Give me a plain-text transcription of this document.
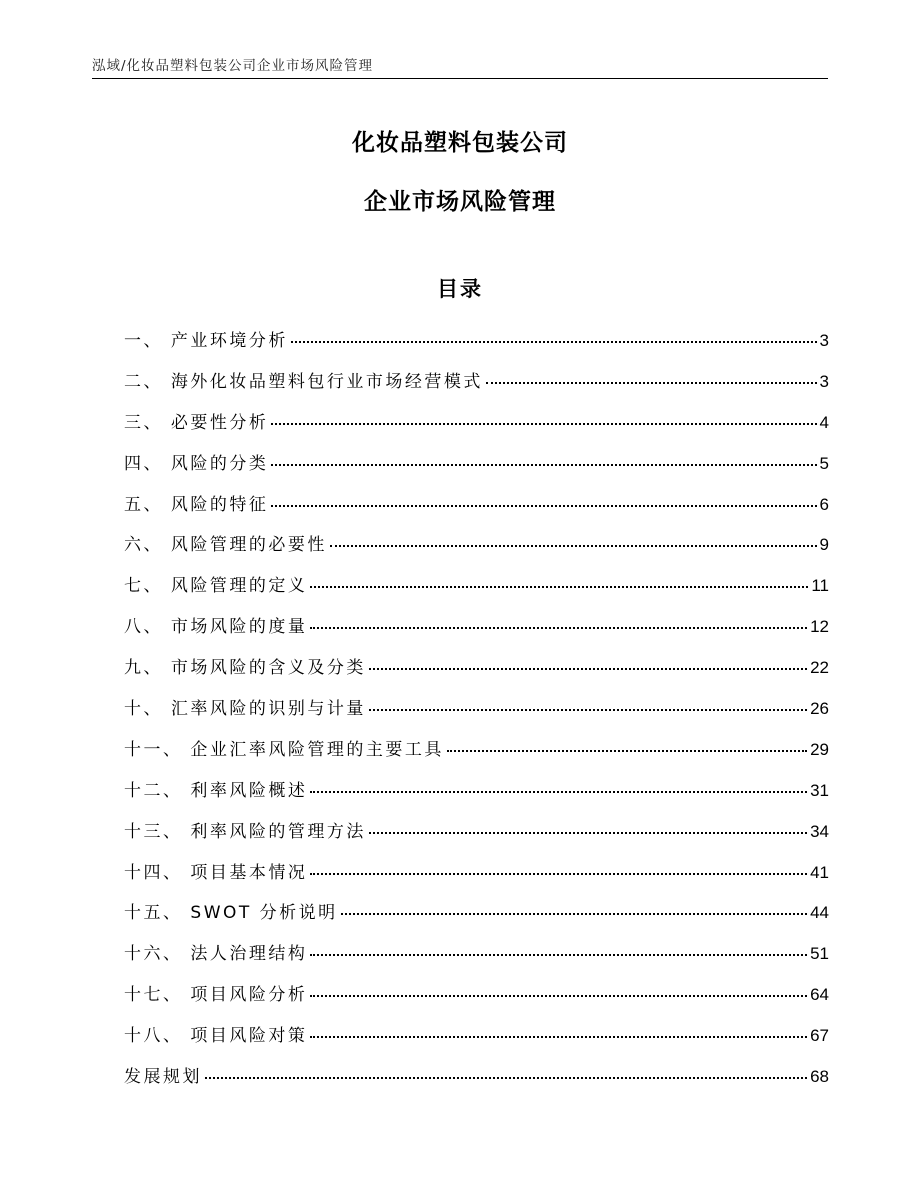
泓域/化妆品塑料包装公司企业市场风险管理
化妆品塑料包装公司
企业市场风险管理
目录
一、 产业环境分析	3
二、 海外化妆品塑料包行业市场经营模式	3
三、 必要性分析	4
四、 风险的分类	5
五、 风险的特征	6
六、 风险管理的必要性	9
七、 风险管理的定义	11
八、 市场风险的度量	12
九、 市场风险的含义及分类	22
十、 汇率风险的识别与计量	26
十一、 企业汇率风险管理的主要工具	29
十二、 利率风险概述	31
十三、 利率风险的管理方法	34
十四、 项目基本情况	41
十五、 SWOT 分析说明	44
十六、 法人治理结构	51
十七、 项目风险分析	64
十八、 项目风险对策	67
发展规划	68
